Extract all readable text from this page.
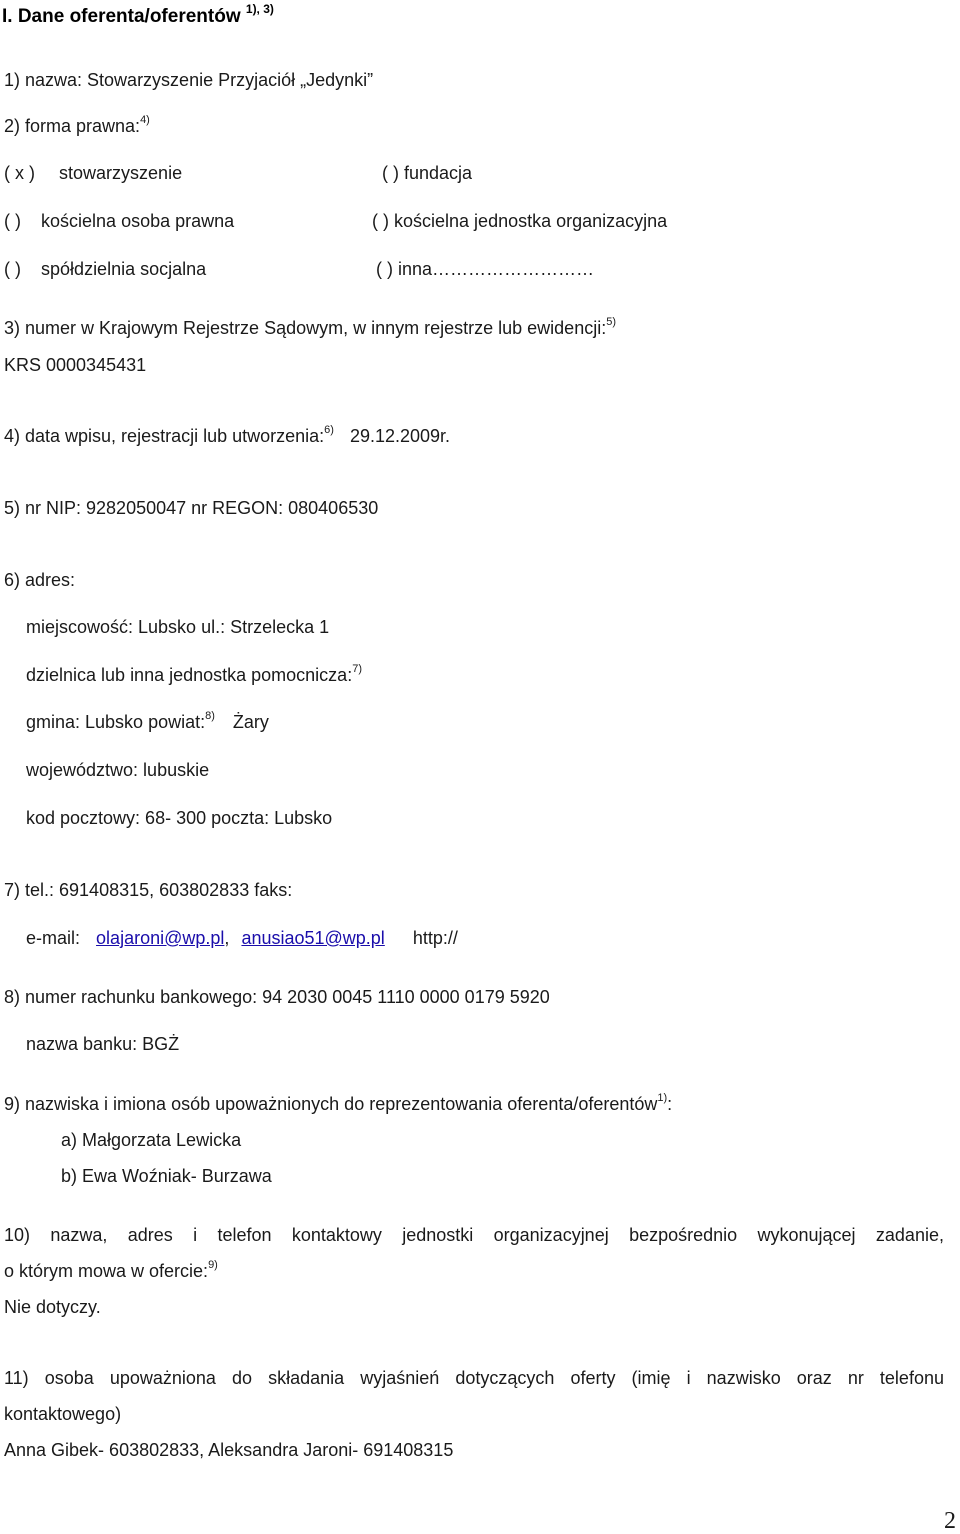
I. Dane oferenta/oferentów $^{1), 3)}$
1) nazwa: Stowarzyszenie Przyjaciół „Jedynki”
2) forma prawna:$^{4)}$
( x ) stowarzyszenie	( ) fundacja
( ) kościelna osoba prawna	( ) kościelna jednostka organizacyjna
( ) spółdzielnia socjalna	( ) inna………………………
3) numer w Krajowym Rejestrze Sądowym, w innym rejestrze lub ewidencji:$^{5)}$
KRS 0000345431
4) data wpisu, rejestracji lub utworzenia:$^{6)}$ 29.12.2009r.
5) nr NIP: 9282050047 nr REGON: 080406530
6) adres:
miejscowość: Lubsko ul.: Strzelecka 1
dzielnica lub inna jednostka pomocnicza:$^{7)}$
gmina: Lubsko powiat:$^{8)}$ Żary
województwo: lubuskie
kod pocztowy: 68- 300 poczta: Lubsko
7) tel.: 691408315, 603802833 faks:
e-mail: olajaroni@wp.pl, anusiao51@wp.pl http://
8) numer rachunku bankowego: 94 2030 0045 1110 0000 0179 5920
nazwa banku: BGŻ
9) nazwiska i imiona osób upoważnionych do reprezentowania oferenta/oferentów$^{1)}$:
a) Małgorzata Lewicka
b) Ewa Woźniak- Burzawa
10) nazwa, adres i telefon kontaktowy jednostki organizacyjnej bezpośrednio wykonującej zadanie,
o którym mowa w ofercie:$^{9)}$
Nie dotyczy.
11) osoba upoważniona do składania wyjaśnień dotyczących oferty (imię i nazwisko oraz nr telefonu
kontaktowego)
Anna Gibek- 603802833, Aleksandra Jaroni- 691408315
2
